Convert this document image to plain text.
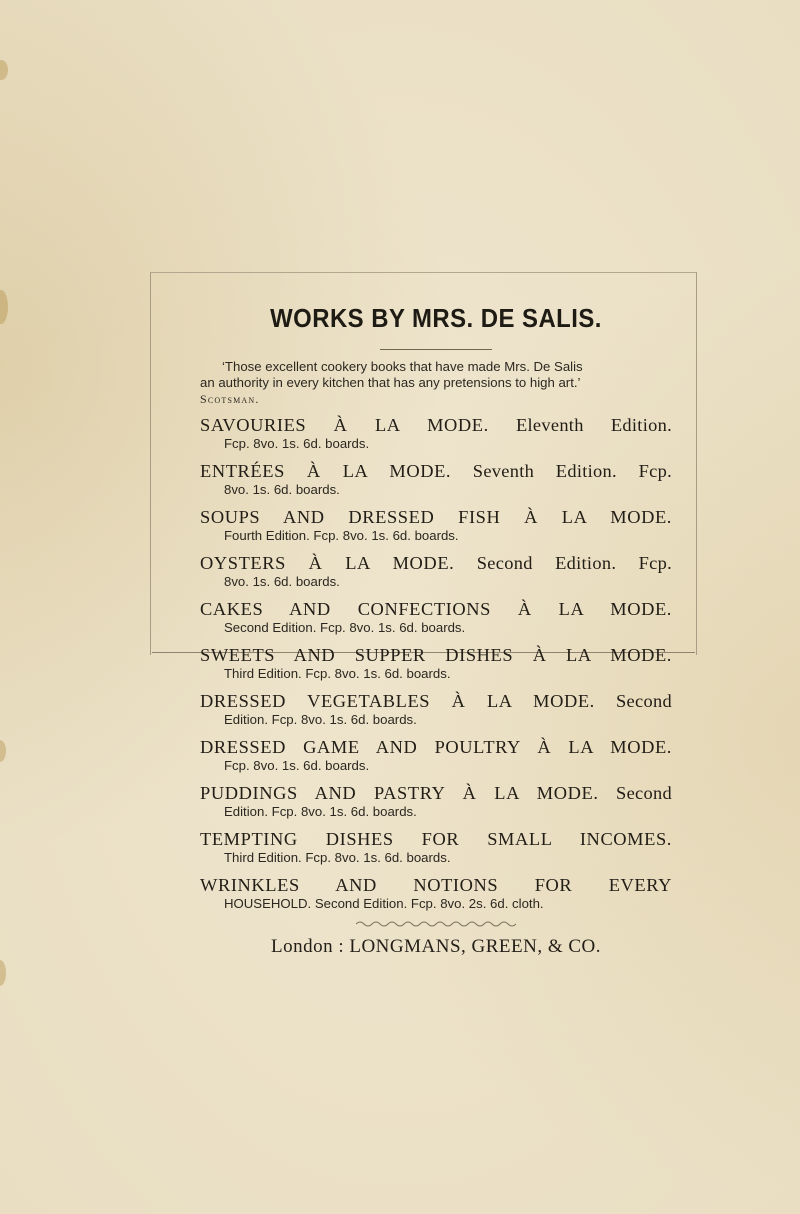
WORKS BY MRS. DE SALIS.
‘Those excellent cookery books that have made Mrs. De Salis
an authority in every kitchen that has any pretensions to high art.’
Scotsman.
SAVOURIES À LA MODE. Eleventh Edition.
Fcp. 8vo. 1s. 6d. boards.
ENTRÉES À LA MODE. Seventh Edition. Fcp.
8vo. 1s. 6d. boards.
SOUPS AND DRESSED FISH À LA MODE.
Fourth Edition. Fcp. 8vo. 1s. 6d. boards.
OYSTERS À LA MODE. Second Edition. Fcp.
8vo. 1s. 6d. boards.
CAKES AND CONFECTIONS À LA MODE.
Second Edition. Fcp. 8vo. 1s. 6d. boards.
SWEETS AND SUPPER DISHES À LA MODE.
Third Edition. Fcp. 8vo. 1s. 6d. boards.
DRESSED VEGETABLES À LA MODE. Second
Edition. Fcp. 8vo. 1s. 6d. boards.
DRESSED GAME AND POULTRY À LA MODE.
Fcp. 8vo. 1s. 6d. boards.
PUDDINGS AND PASTRY À LA MODE. Second
Edition. Fcp. 8vo. 1s. 6d. boards.
TEMPTING DISHES FOR SMALL INCOMES.
Third Edition. Fcp. 8vo. 1s. 6d. boards.
WRINKLES AND NOTIONS FOR EVERY
HOUSEHOLD. Second Edition. Fcp. 8vo. 2s. 6d. cloth.
London : LONGMANS, GREEN, & CO.
